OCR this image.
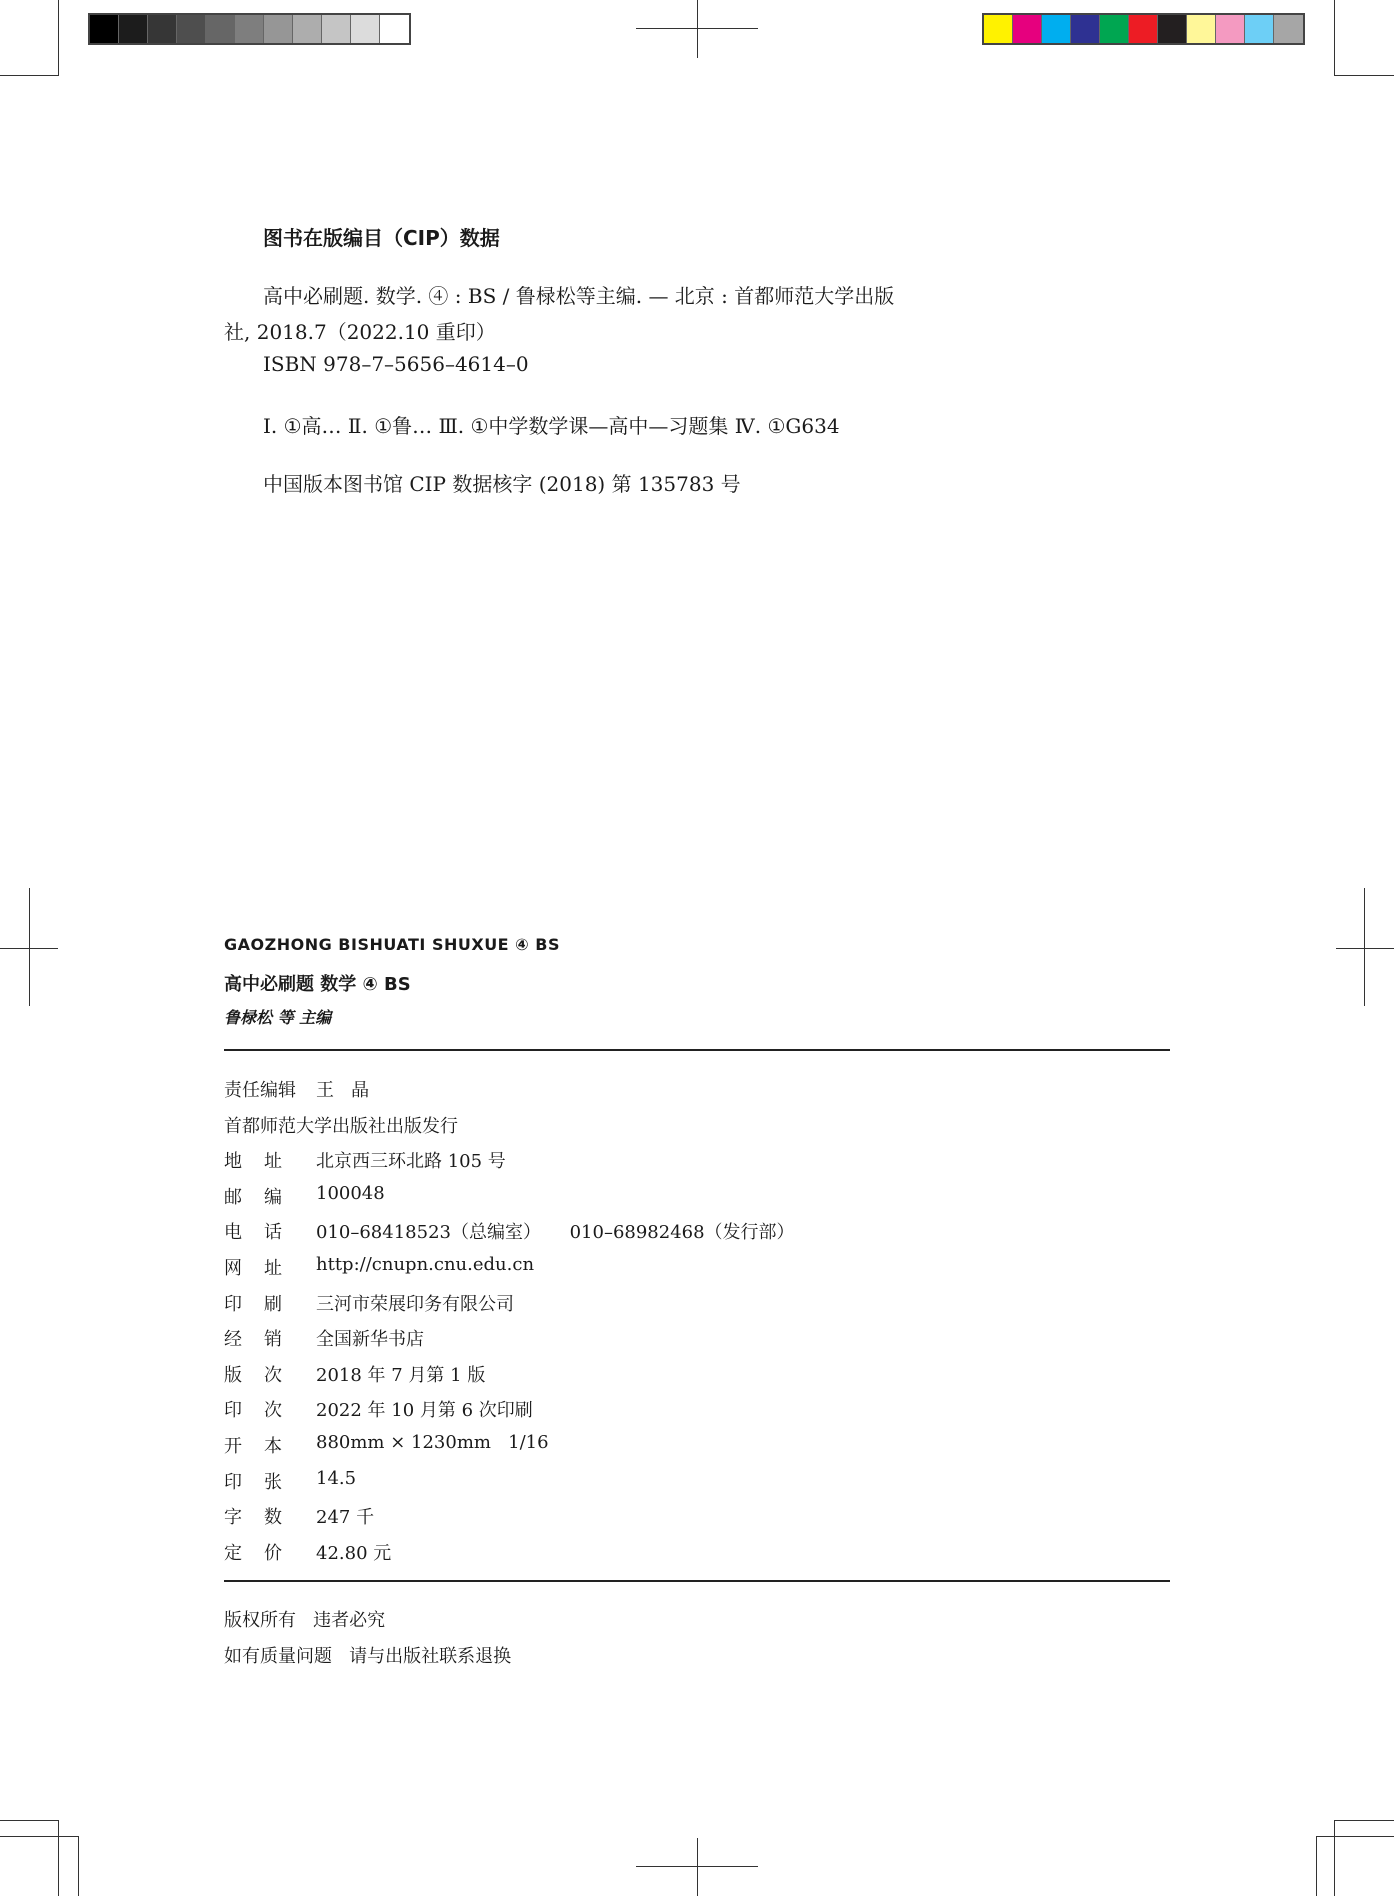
图书在版编目（CIP）数据
高中必刷题. 数学. ④ : BS / 鲁椂松等主编. — 北京 : 首都师范大学出版
社, 2018.7（2022.10 重印）
ISBN 978–7–5656–4614–0
Ⅰ. ①高… Ⅱ. ①鲁… Ⅲ. ①中学数学课—高中—习题集 Ⅳ. ①G634
中国版本图书馆 CIP 数据核字 (2018) 第 135783 号
GAOZHONG BISHUATI SHUXUE ④ BS
高中必刷题 数学 ④ BS
鲁椂松 等 主编
责任编辑 王   晶
首都师范大学出版社出版发行
地	址	北京西三环北路 105 号
邮	编	100048
电	话	010–68418523（总编室）     010–68982468（发行部）
网	址	http://cnupn.cnu.edu.cn
印	刷	三河市荣展印务有限公司
经	销	全国新华书店
版	次	2018 年 7 月第 1 版
印	次	2022 年 10 月第 6 次印刷
开	本	880mm × 1230mm   1/16
印	张	14.5
字	数	247 千
定	价	42.80 元
版权所有   违者必究
如有质量问题   请与出版社联系退换
